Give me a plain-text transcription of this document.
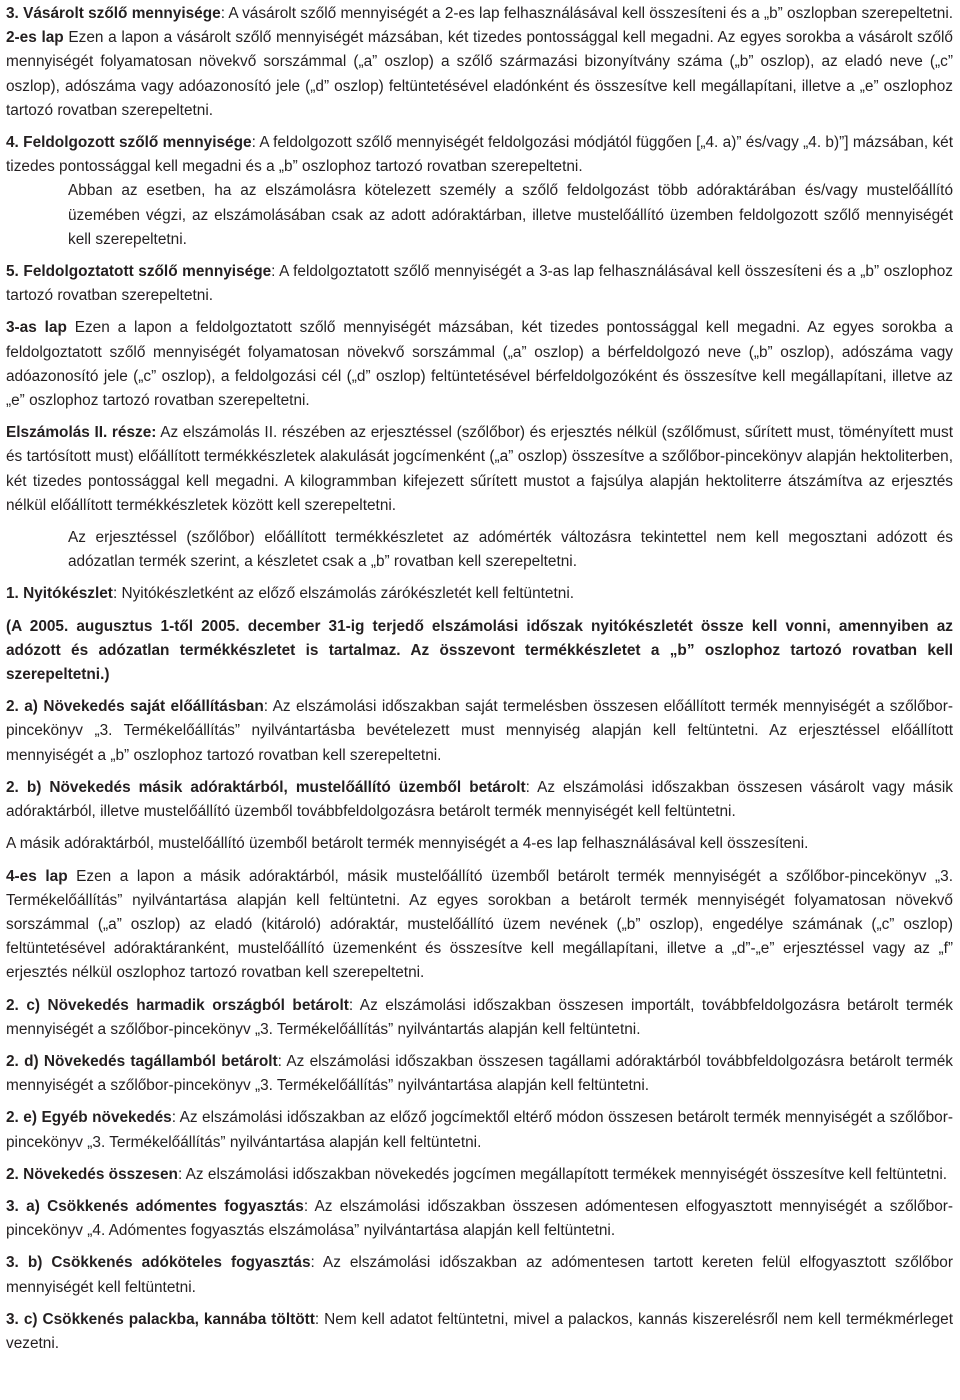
3. Vásárolt szőlő mennyisége: A vásárolt szőlő mennyiségét a 2-es lap felhasználásával kell összesíteni és a „b” oszlopban szerepeltetni.

2-es lap Ezen a lapon a vásárolt szőlő mennyiségét mázsában, két tizedes pontossággal kell megadni. Az egyes sorokba a vásárolt szőlő mennyiségét folyamatosan növekvő sorszámmal („a” oszlop) a szőlő származási bizonyítvány száma („b” oszlop), az eladó neve („c” oszlop), adószáma vagy adóazonosító jele („d” oszlop) feltüntetésével eladónként és összesítve kell megállapítani, illetve a „e” oszlophoz tartozó rovatban szerepeltetni.

4. Feldolgozott szőlő mennyisége: A feldolgozott szőlő mennyiségét feldolgozási módjától függően [„4. a)” és/vagy „4. b)”] mázsában, két tizedes pontossággal kell megadni és a „b” oszlophoz tartozó rovatban szerepeltetni.

Abban az esetben, ha az elszámolásra kötelezett személy a szőlő feldolgozást több adóraktárában és/vagy mustelőállító üzemében végzi, az elszámolásában csak az adott adóraktárban, illetve mustelőállító üzemben feldolgozott szőlő mennyiségét kell szerepeltetni.

5. Feldolgoztatott szőlő mennyisége: A feldolgoztatott szőlő mennyiségét a 3-as lap felhasználásával kell összesíteni és a „b” oszlophoz tartozó rovatban szerepeltetni.

3-as lap Ezen a lapon a feldolgoztatott szőlő mennyiségét mázsában, két tizedes pontossággal kell megadni. Az egyes sorokba a feldolgoztatott szőlő mennyiségét folyamatosan növekvő sorszámmal („a” oszlop) a bérfeldolgozó neve („b” oszlop), adószáma vagy adóazonosító jele („c” oszlop), a feldolgozási cél („d” oszlop) feltüntetésével bérfeldolgozóként és összesítve kell megállapítani, illetve az „e” oszlophoz tartozó rovatban szerepeltetni.

Elszámolás II. része: Az elszámolás II. részében az erjesztéssel (szőlőbor) és erjesztés nélkül (szőlőmust, sűrített must, töményített must és tartósított must) előállított termékkészletek alakulását jogcímenként („a” oszlop) összesítve a szőlőbor-pincekönyv alapján hektoliterben, két tizedes pontossággal kell megadni. A kilogrammban kifejezett sűrített mustot a fajsúlya alapján hektoliterre átszámítva az erjesztés nélkül előállított termékkészletek között kell szerepeltetni.

Az erjesztéssel (szőlőbor) előállított termékkészletet az adómérték változásra tekintettel nem kell megosztani adózott és adózatlan termék szerint, a készletet csak a „b” rovatban kell szerepeltetni.

1. Nyitókészlet: Nyitókészletként az előző elszámolás zárókészletét kell feltüntetni.

(A 2005. augusztus 1-től 2005. december 31-ig terjedő elszámolási időszak nyitókészletét össze kell vonni, amennyiben az adózott és adózatlan termékkészletet is tartalmaz. Az összevont termékkészletet a „b” oszlophoz tartozó rovatban kell szerepeltetni.)

2. a) Növekedés saját előállításban: Az elszámolási időszakban saját termelésben összesen előállított termék mennyiségét a szőlőbor-pincekönyv „3. Termékelőállítás” nyilvántartásba bevételezett must mennyiség alapján kell feltüntetni. Az erjesztéssel előállított mennyiségét a „b” oszlophoz tartozó rovatban kell szerepeltetni.

2. b) Növekedés másik adóraktárból, mustelőállító üzemből betárolt: Az elszámolási időszakban összesen vásárolt vagy másik adóraktárból, illetve mustelőállító üzemből továbbfeldolgozásra betárolt termék mennyiségét kell feltüntetni.

A másik adóraktárból, mustelőállító üzemből betárolt termék mennyiségét a 4-es lap felhasználásával kell összesíteni.

4-es lap Ezen a lapon a másik adóraktárból, másik mustelőállító üzemből betárolt termék mennyiségét a szőlőbor-pincekönyv „3. Termékelőállítás” nyilvántartása alapján kell feltüntetni. Az egyes sorokban a betárolt termék mennyiségét folyamatosan növekvő sorszámmal („a” oszlop) az eladó (kitároló) adóraktár, mustelőállító üzem nevének („b” oszlop), engedélye számának („c” oszlop) feltüntetésével adóraktáranként, mustelőállító üzemenként és összesítve kell megállapítani, illetve a „d”-„e” erjesztéssel vagy az „f” erjesztés nélkül oszlophoz tartozó rovatban kell szerepeltetni.

2. c) Növekedés harmadik országból betárolt: Az elszámolási időszakban összesen importált, továbbfeldolgozásra betárolt termék mennyiségét a szőlőbor-pincekönyv „3. Termékelőállítás” nyilvántartás alapján kell feltüntetni.

2. d) Növekedés tagállamból betárolt: Az elszámolási időszakban összesen tagállami adóraktárból továbbfeldolgozásra betárolt termék mennyiségét a szőlőbor-pincekönyv „3. Termékelőállítás” nyilvántartása alapján kell feltüntetni.

2. e) Egyéb növekedés: Az elszámolási időszakban az előző jogcímektől eltérő módon összesen betárolt termék mennyiségét a szőlőbor-pincekönyv „3. Termékelőállítás” nyilvántartása alapján kell feltüntetni.

2. Növekedés összesen: Az elszámolási időszakban növekedés jogcímen megállapított termékek mennyiségét összesítve kell feltüntetni.

3. a) Csökkenés adómentes fogyasztás: Az elszámolási időszakban összesen adómentesen elfogyasztott mennyiségét a szőlőbor-pincekönyv „4. Adómentes fogyasztás elszámolása” nyilvántartása alapján kell feltüntetni.

3. b) Csökkenés adóköteles fogyasztás: Az elszámolási időszakban az adómentesen tartott kereten felül elfogyasztott szőlőbor mennyiségét kell feltüntetni.

3. c) Csökkenés palackba, kannába töltött: Nem kell adatot feltüntetni, mivel a palackos, kannás kiszerelésről nem kell termékmérleget vezetni.
